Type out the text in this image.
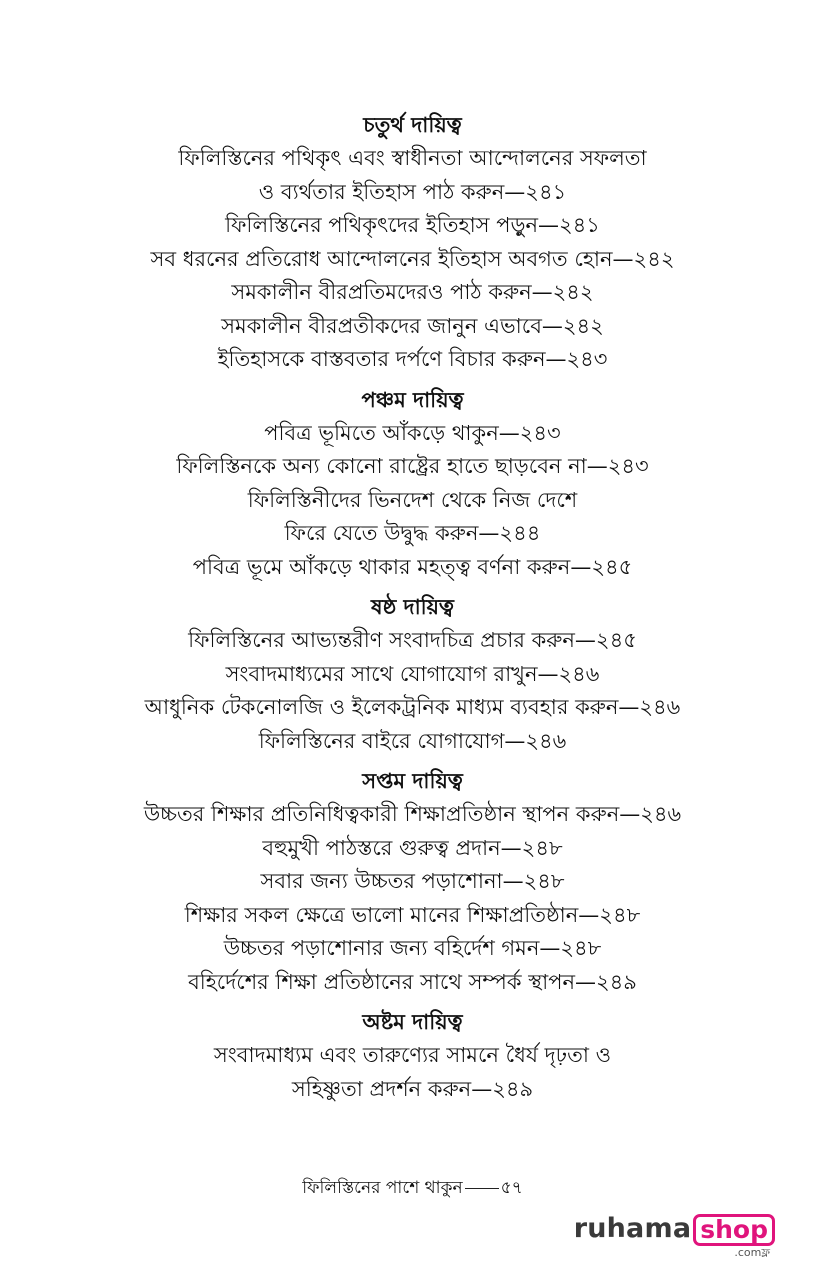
চতুর্থ দায়িত্ব
ফিলিস্তিনের পথিকৃৎ এবং স্বাধীনতা আন্দোলনের সফলতা
ও ব্যর্থতার ইতিহাস পাঠ করুন—২৪১
ফিলিস্তিনের পথিকৃৎদের ইতিহাস পড়ুন—২৪১
সব ধরনের প্রতিরোধ আন্দোলনের ইতিহাস অবগত হোন—২৪২
সমকালীন বীরপ্রতিমদেরও পাঠ করুন—২৪২
সমকালীন বীরপ্রতীকদের জানুন এভাবে—২৪২
ইতিহাসকে বাস্তবতার দর্পণে বিচার করুন—২৪৩
পঞ্চম দায়িত্ব
পবিত্র ভূমিতে আঁকড়ে থাকুন—২৪৩
ফিলিস্তিনকে অন্য কোনো রাষ্ট্রের হাতে ছাড়বেন না—২৪৩
ফিলিস্তিনীদের ভিনদেশ থেকে নিজ দেশে
ফিরে যেতে উদ্বুদ্ধ করুন—২৪৪
পবিত্র ভূমে আঁকড়ে থাকার মহত্ত্ব বর্ণনা করুন—২৪৫
ষষ্ঠ দায়িত্ব
ফিলিস্তিনের আভ্যন্তরীণ সংবাদচিত্র প্রচার করুন—২৪৫
সংবাদমাধ্যমের সাথে যোগাযোগ রাখুন—২৪৬
আধুনিক টেকনোলজি ও ইলেকট্রনিক মাধ্যম ব্যবহার করুন—২৪৬
ফিলিস্তিনের বাইরে যোগাযোগ—২৪৬
সপ্তম দায়িত্ব
উচ্চতর শিক্ষার প্রতিনিধিত্বকারী শিক্ষাপ্রতিষ্ঠান স্থাপন করুন—২৪৬
বহুমুখী পাঠস্তরে গুরুত্ব প্রদান—২৪৮
সবার জন্য উচ্চতর পড়াশোনা—২৪৮
শিক্ষার সকল ক্ষেত্রে ভালো মানের শিক্ষাপ্রতিষ্ঠান—২৪৮
উচ্চতর পড়াশোনার জন্য বহির্দেশ গমন—২৪৮
বহির্দেশের শিক্ষা প্রতিষ্ঠানের সাথে সম্পর্ক স্থাপন—২৪৯
অষ্টম দায়িত্ব
সংবাদমাধ্যম এবং তারুণ্যের সামনে ধৈর্য দৃঢ়তা ও
সহিষ্ণুতা প্রদর্শন করুন—২৪৯
ফিলিস্তিনের পাশে থাকুন ৫৭
ruhama shop
.comফ্ল
